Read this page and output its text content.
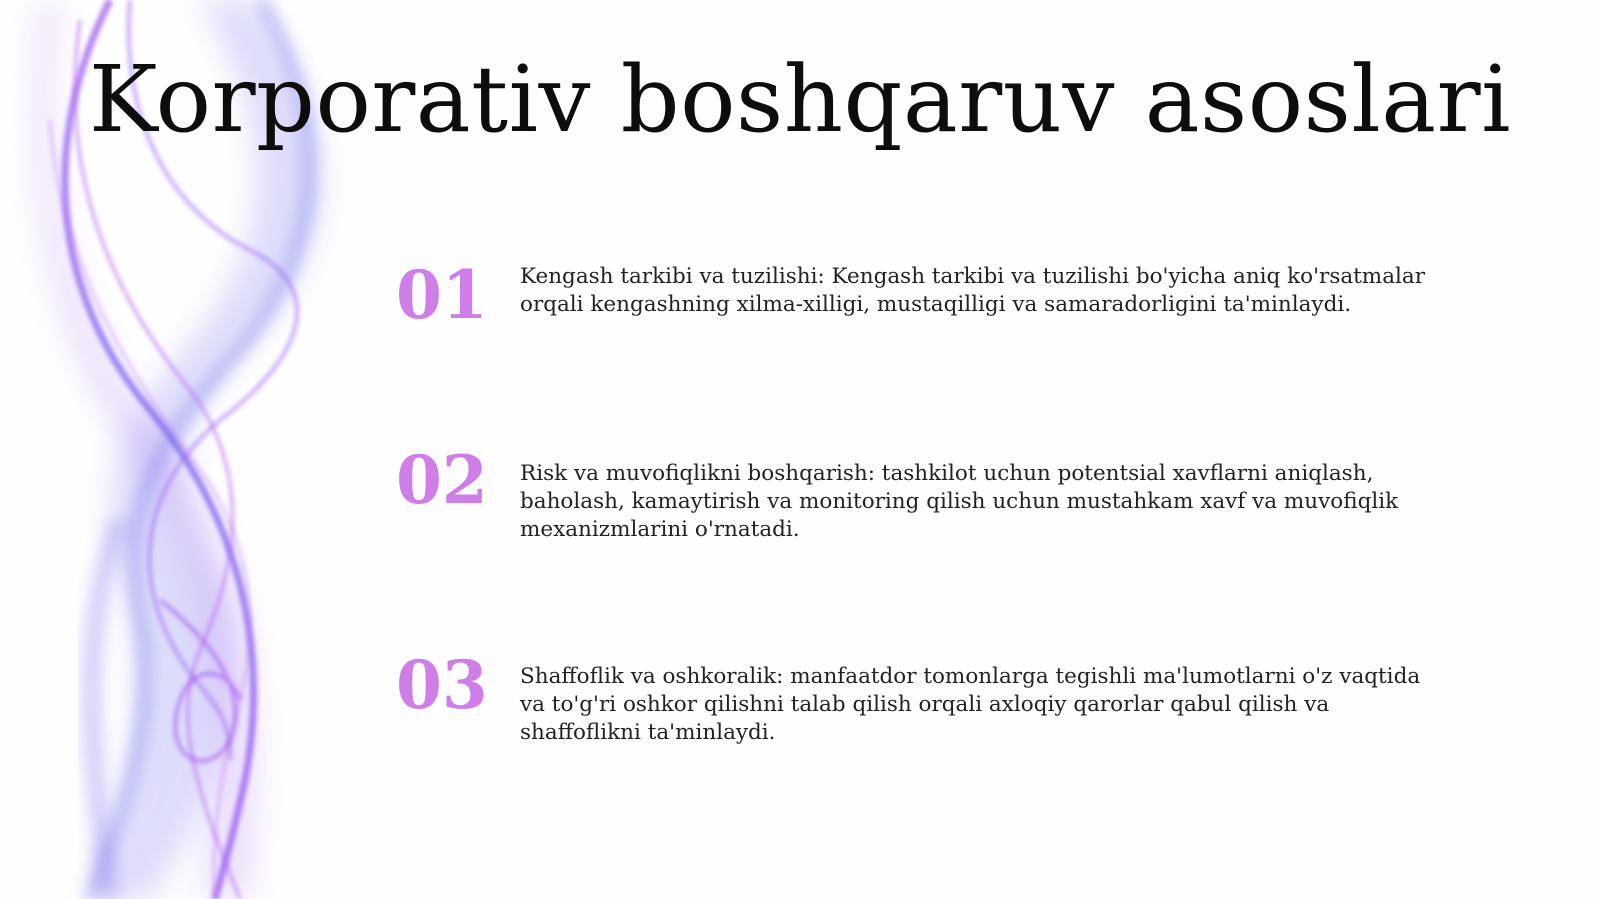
Korporativ boshqaruv asoslari
01	Kengash tarkibi va tuzilishi: Kengash tarkibi va tuzilishi bo'yicha aniq ko'rsatmalar orqali kengashning xilma-xilligi, mustaqilligi va samaradorligini ta'minlaydi.
02	Risk va muvofiqlikni boshqarish: tashkilot uchun potentsial xavflarni aniqlash, baholash, kamaytirish va monitoring qilish uchun mustahkam xavf va muvofiqlik mexanizmlarini o'rnatadi.
03	Shaffoflik va oshkoralik: manfaatdor tomonlarga tegishli ma'lumotlarni o'z vaqtida va to'g'ri oshkor qilishni talab qilish orqali axloqiy qarorlar qabul qilish va shaffoflikni ta'minlaydi.
